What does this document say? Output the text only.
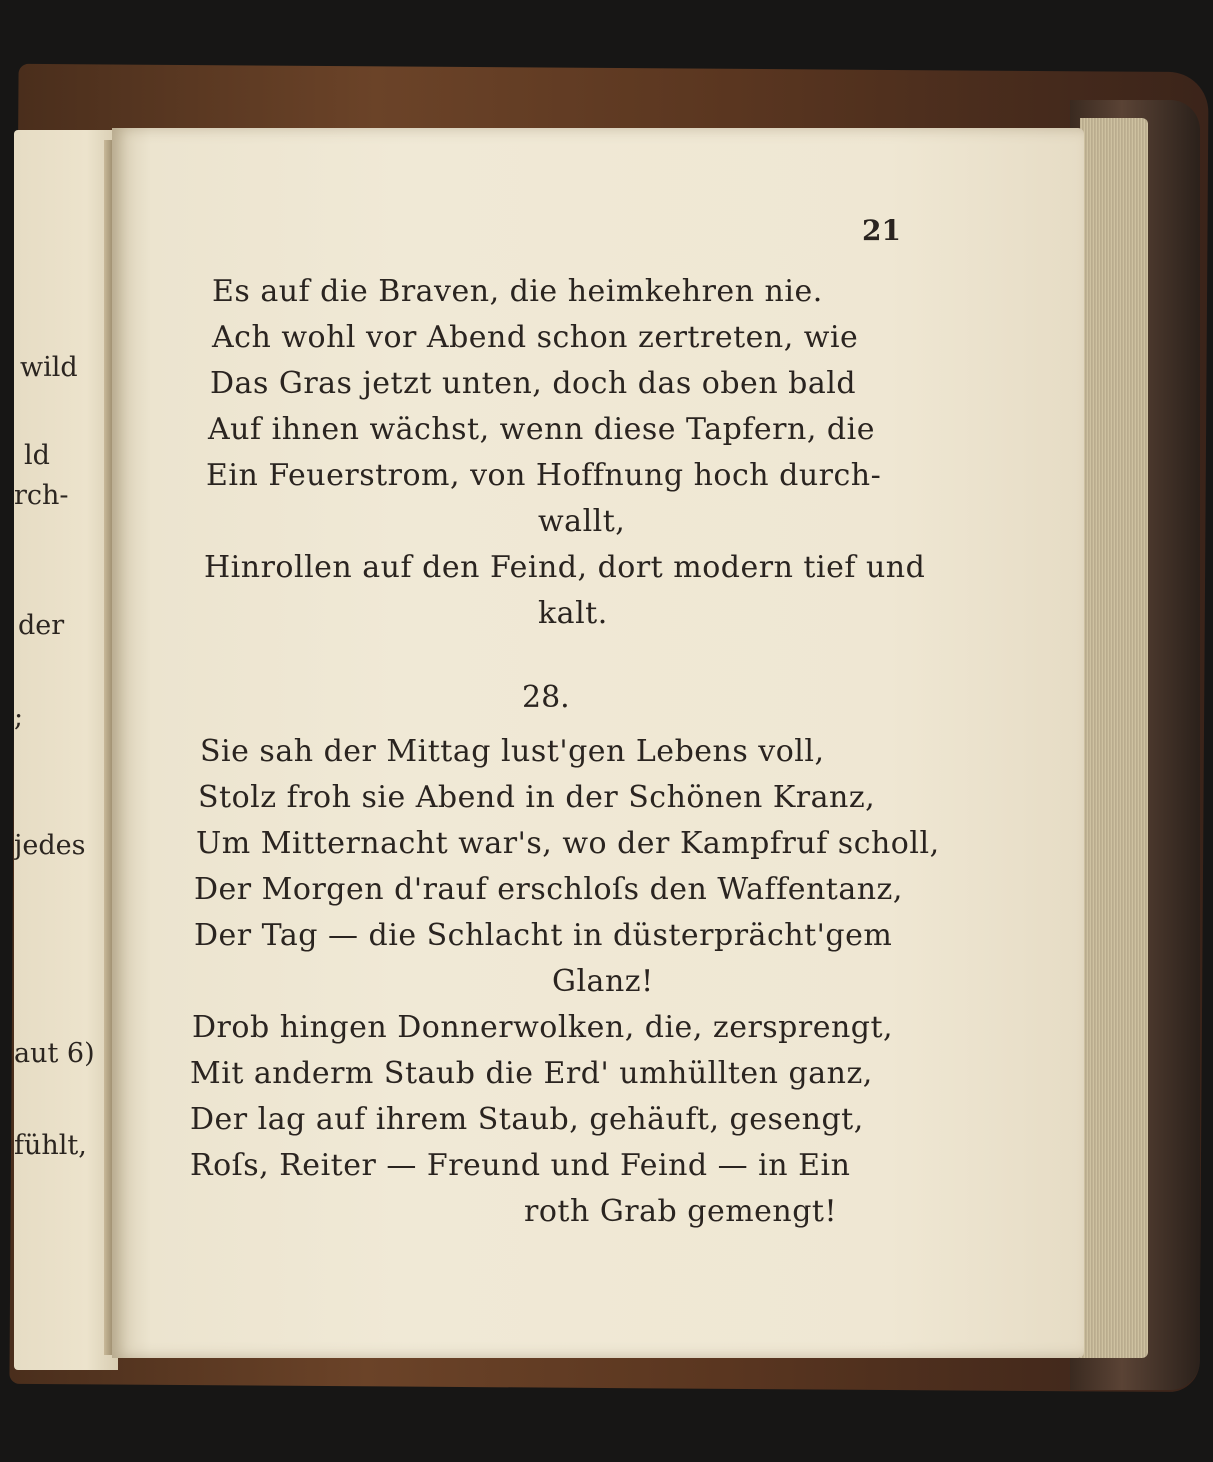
wild
ld
rch-
der
;
jedes
aut 6)
fühlt,
21
Es auf die Braven, die heimkehren nie.
Ach wohl vor Abend schon zertreten, wie
Das Gras jetzt unten, doch das oben bald
Auf ihnen wächst, wenn diese Tapfern, die
Ein Feuerstrom, von Hoffnung hoch durch-
wallt,
Hinrollen auf den Feind, dort modern tief und
kalt.
28.
Sie sah der Mittag lust'gen Lebens voll,
Stolz froh sie Abend in der Schönen Kranz,
Um Mitternacht war's, wo der Kampfruf scholl,
Der Morgen d'rauf erschloſs den Waffentanz,
Der Tag — die Schlacht in düsterprächt'gem
Glanz!
Drob hingen Donnerwolken, die, zersprengt,
Mit anderm Staub die Erd' umhüllten ganz,
Der lag auf ihrem Staub, gehäuft, gesengt,
Roſs, Reiter — Freund und Feind — in Ein
roth Grab gemengt!
